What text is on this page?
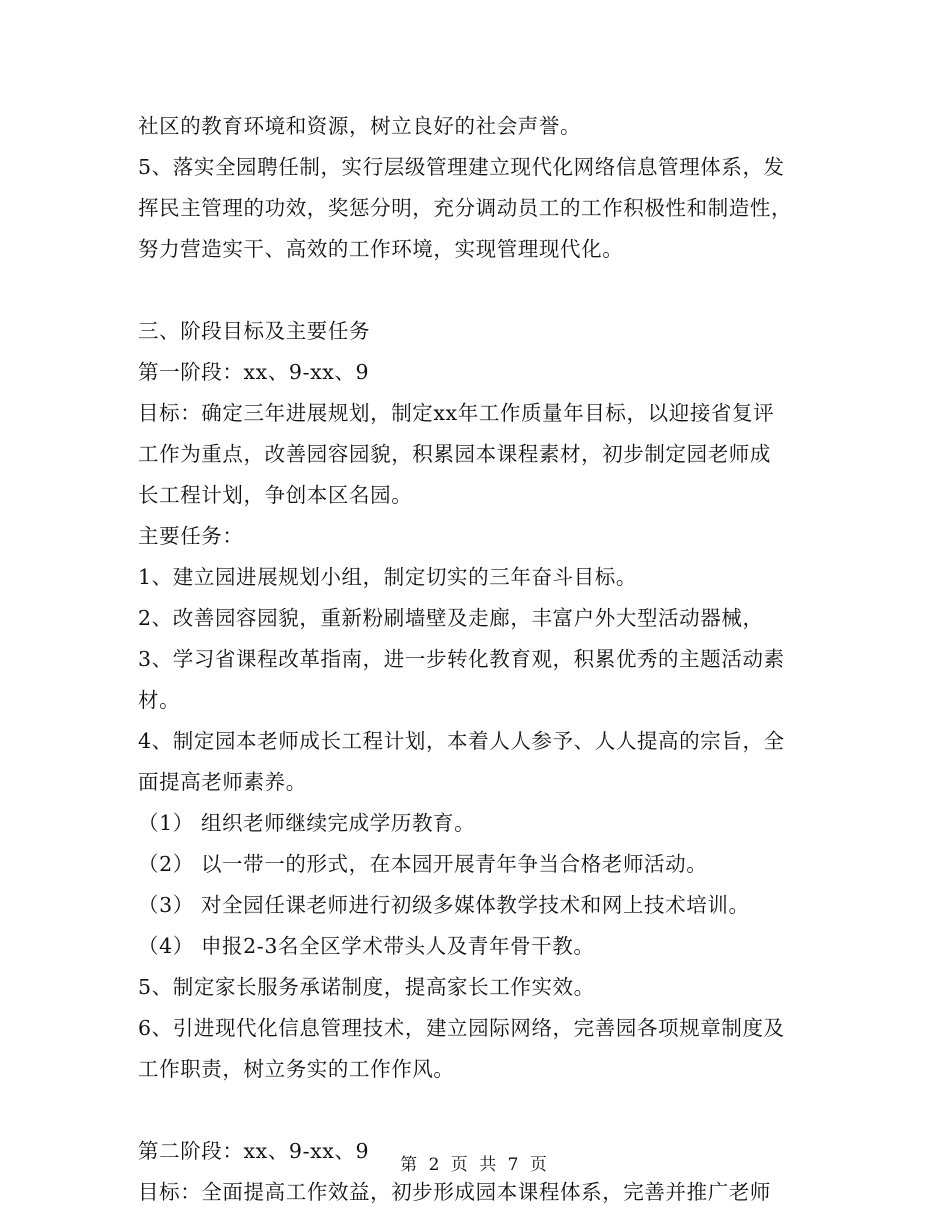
社区的教育环境和资源，树立良好的社会声誉。
5、落实全园聘任制，实行层级管理建立现代化网络信息管理体系，发
挥民主管理的功效，奖惩分明，充分调动员工的工作积极性和制造性，
努力营造实干、高效的工作环境，实现管理现代化。
三、阶段目标及主要任务
第一阶段：xx、9-xx、9
目标：确定三年进展规划，制定xx年工作质量年目标，以迎接省复评
工作为重点，改善园容园貌，积累园本课程素材，初步制定园老师成
长工程计划，争创本区名园。
主要任务：
1、建立园进展规划小组，制定切实的三年奋斗目标。
2、改善园容园貌，重新粉刷墙壁及走廊，丰富户外大型活动器械，
3、学习省课程改革指南，进一步转化教育观，积累优秀的主题活动素
材。
4、制定园本老师成长工程计划，本着人人参予、人人提高的宗旨，全
面提高老师素养。
（1） 组织老师继续完成学历教育。
（2） 以一带一的形式，在本园开展青年争当合格老师活动。
（3） 对全园任课老师进行初级多媒体教学技术和网上技术培训。
（4） 申报2-3名全区学术带头人及青年骨干教。
5、制定家长服务承诺制度，提高家长工作实效。
6、引进现代化信息管理技术，建立园际网络，完善园各项规章制度及
工作职责，树立务实的工作作风。
第二阶段：xx、9-xx、9
目标：全面提高工作效益，初步形成园本课程体系，完善并推广老师
第 2 页 共 7 页
